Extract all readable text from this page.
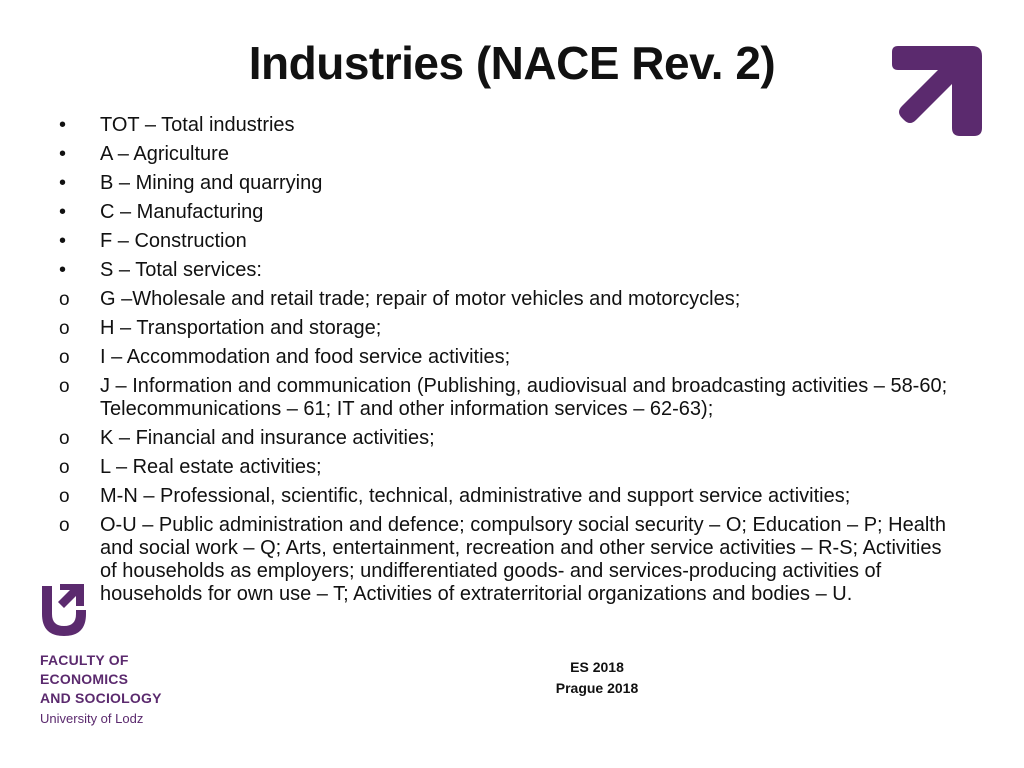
Industries (NACE Rev. 2)
•	TOT – Total industries
•	A – Agriculture
•	B – Mining and quarrying
•	C – Manufacturing
•	F – Construction
•	S – Total services:
o	G –Wholesale and retail trade; repair of motor vehicles and motorcycles;
o	H – Transportation and storage;
o	I – Accommodation and food service activities;
o	J – Information and communication (Publishing, audiovisual and broadcasting activities – 58-60; Telecommunications – 61; IT and other information services – 62-63);
o	K – Financial and insurance activities;
o	L – Real estate activities;
o	M-N – Professional, scientific, technical, administrative and support service activities;
o	O-U – Public administration and defence; compulsory social security – O; Education – P; Health and social work – Q; Arts, entertainment, recreation and other service activities – R-S; Activities of households as employers; undifferentiated goods- and services-producing activities of households for own use – T; Activities of extraterritorial organizations and bodies – U.
FACULTY OF
ECONOMICS
AND SOCIOLOGY
University of Lodz
ES 2018
Prague 2018
